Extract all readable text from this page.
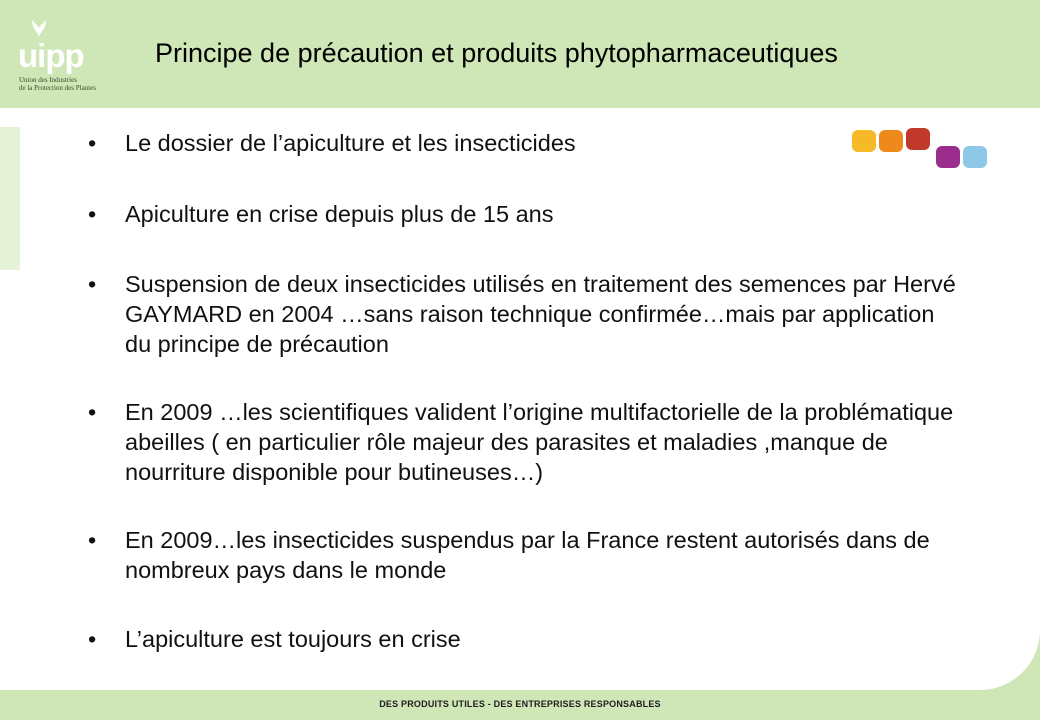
uipp
Union des Industries
de la Protection des Plantes
Principe de précaution et produits phytopharmaceutiques
•	Le dossier de l’apiculture et les insecticides
•	Apiculture en crise depuis plus de 15 ans
•	Suspension de deux insecticides utilisés en traitement des semences par Hervé GAYMARD en 2004 …sans raison technique confirmée…mais par application du principe de précaution
•	En 2009 …les scientifiques valident l’origine multifactorielle de la problématique abeilles ( en particulier rôle majeur des parasites et maladies ,manque de nourriture disponible pour butineuses…)
•	En 2009…les insecticides suspendus par la France restent autorisés dans de nombreux pays dans le monde
•	L’apiculture est toujours en crise
DES PRODUITS UTILES - DES ENTREPRISES RESPONSABLES
